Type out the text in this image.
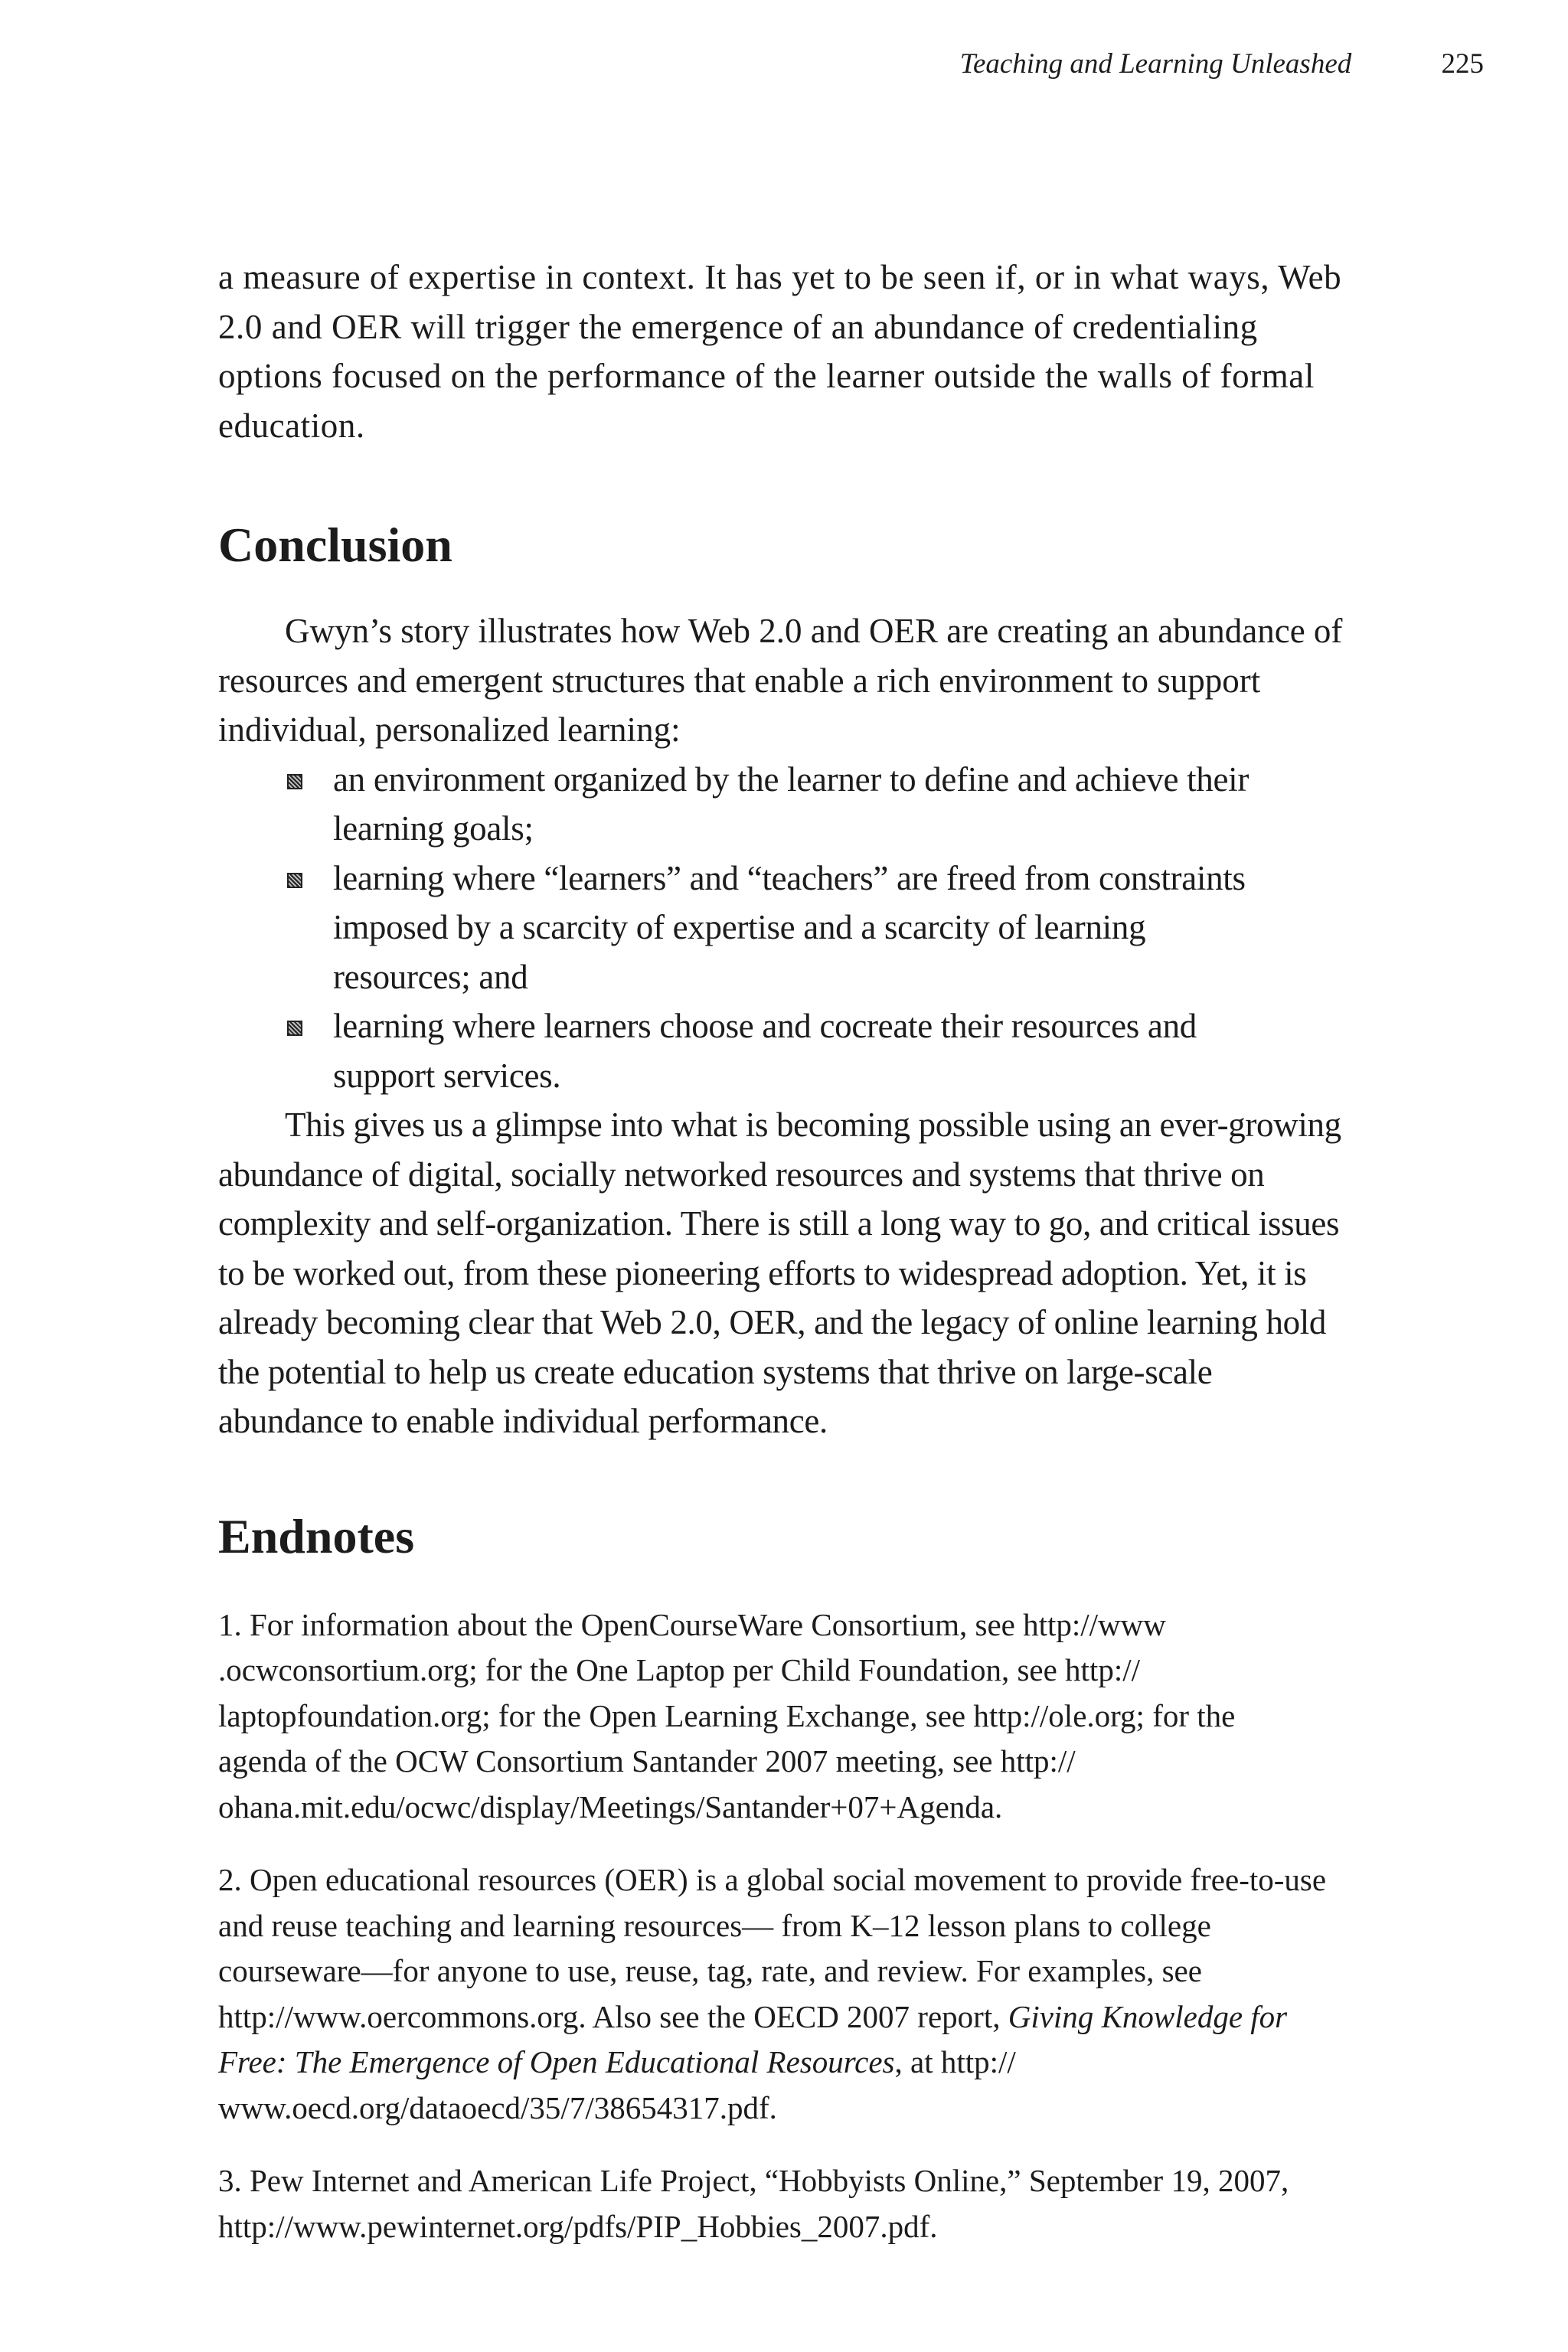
Teaching and Learning Unleashed	225

a measure of expertise in context. It has yet to be seen if, or in what ways, Web 2.0 and OER will trigger the emergence of an abundance of credentialing options focused on the performance of the learner outside the walls of formal education.

Conclusion

Gwyn’s story illustrates how Web 2.0 and OER are creating an abundance of resources and emergent structures that enable a rich environment to support individual, personalized learning:

an environment organized by the learner to define and achieve their learning goals;
learning where “learners” and “teachers” are freed from constraints imposed by a scarcity of expertise and a scarcity of learning resources; and
learning where learners choose and cocreate their resources and support services.

This gives us a glimpse into what is becoming possible using an ever-growing abundance of digital, socially networked resources and systems that thrive on complexity and self-organization. There is still a long way to go, and critical issues to be worked out, from these pioneering efforts to widespread adoption. Yet, it is already becoming clear that Web 2.0, OER, and the legacy of online learning hold the potential to help us create education systems that thrive on large-scale abundance to enable individual performance.

Endnotes

1. For information about the OpenCourseWare Consortium, see http://www .ocwconsortium.org; for the One Laptop per Child Foundation, see http:// laptopfoundation.org; for the Open Learning Exchange, see http://ole.org; for the agenda of the OCW Consortium Santander 2007 meeting, see http:// ohana.mit.edu/ocwc/display/Meetings/Santander+07+Agenda.

2. Open educational resources (OER) is a global social movement to provide free-to-use and reuse teaching and learning resources— from K–12 lesson plans to college courseware—for anyone to use, reuse, tag, rate, and review. For examples, see http://www.oercommons.org. Also see the OECD 2007 report, Giving Knowledge for Free: The Emergence of Open Educational Resources, at http:// www.oecd.org/dataoecd/35/7/38654317.pdf.

3. Pew Internet and American Life Project, “Hobbyists Online,” September 19, 2007, http://www.pewinternet.org/pdfs/PIP_Hobbies_2007.pdf.
